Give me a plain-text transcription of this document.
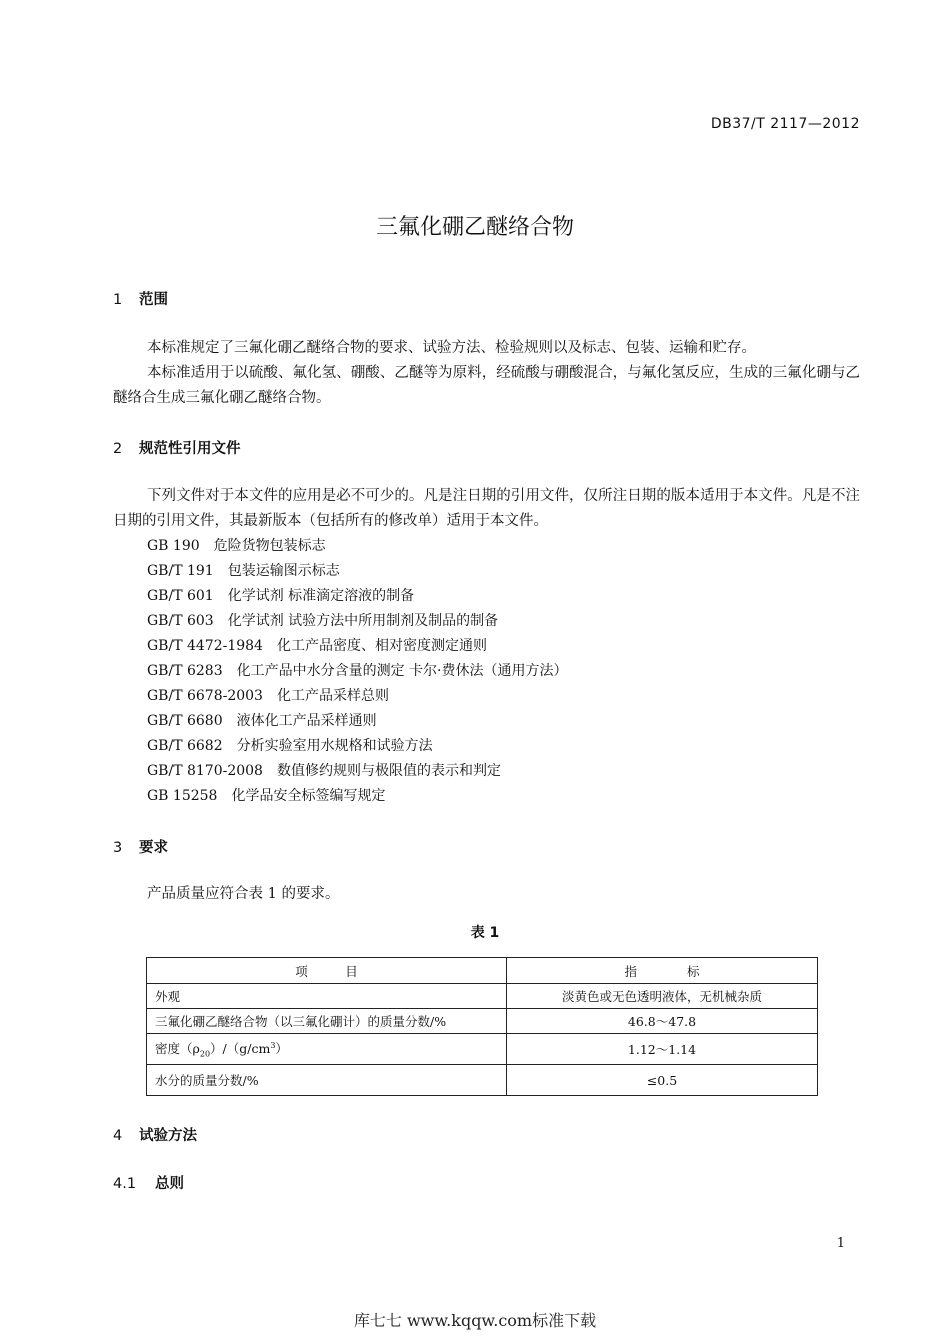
DB37/T 2117—2012
三氟化硼乙醚络合物
1 范围
本标准规定了三氟化硼乙醚络合物的要求、试验方法、检验规则以及标志、包装、运输和贮存。
本标准适用于以硫酸、氟化氢、硼酸、乙醚等为原料，经硫酸与硼酸混合，与氟化氢反应，生成的三氟化硼与乙醚络合生成三氟化硼乙醚络合物。
2 规范性引用文件
下列文件对于本文件的应用是必不可少的。凡是注日期的引用文件，仅所注日期的版本适用于本文件。凡是不注日期的引用文件，其最新版本（包括所有的修改单）适用于本文件。
GB 190 危险货物包装标志
GB/T 191 包装运输图示标志
GB/T 601 化学试剂 标准滴定溶液的制备
GB/T 603 化学试剂 试验方法中所用制剂及制品的制备
GB/T 4472-1984 化工产品密度、相对密度测定通则
GB/T 6283 化工产品中水分含量的测定 卡尔·费休法（通用方法）
GB/T 6678-2003 化工产品采样总则
GB/T 6680 液体化工产品采样通则
GB/T 6682 分析实验室用水规格和试验方法
GB/T 8170-2008 数值修约规则与极限值的表示和判定
GB 15258 化学品安全标签编写规定
3 要求
产品质量应符合表 1 的要求。
表 1
项　　　目	指　　　　标
外观	淡黄色或无色透明液体，无机械杂质
三氟化硼乙醚络合物（以三氟化硼计）的质量分数/%	46.8～47.8
密度$(\rho_{20})/(g/cm^3)$	1.12～1.14
水分的质量分数/%	≤0.5
4 试验方法
4.1 总则
1
库七七 www.kqqw.com标准下载
